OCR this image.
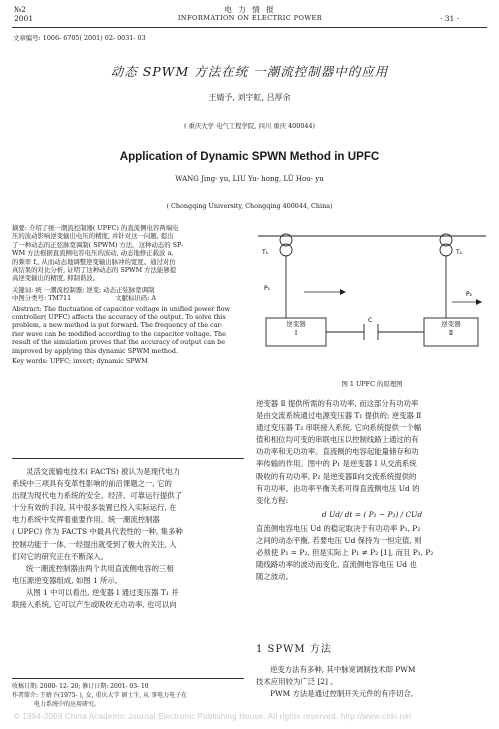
№2
2001
电 力 情 报
INFORMATION ON ELECTRIC POWER	· 31 ·
文章编号: 1006- 6705( 2001) 02- 0031- 03
动态 SPWM 方法在统 一潮流控制器中的应用
王婧予, 刘宇虹, 吕厚余
( 重庆大学 电气工程学院, 四川 重庆 400044)
Application of Dynamic SPWN Method in UPFC
WANG Jing- yu, LIU Yu- hong, LÜ Hou- yu
( Chongqing University, Chongqing 400044, China)
摘要: 介绍了统一潮流控制器( UPFC) 的直流侧电容两端电
压的波动影响逆变输出电压的精度, 并针对这一问题, 提出
了一种动态的正弦脉宽调制( SPWM) 方法。这种动态的 SP-
WM 方法根据直流侧电容电压的波动, 动态地修正载波 a,
的频率 f,, 从而动态地调整逆变输出脉冲的宽度。通过对仿
真结果的对比分析, 证明了这种动态的 SPWM 方法能够提
高逆变输出的精度, 抑制谐波。
关键词: 统 一潮流控制器; 逆变; 动态正弦脉宽调制
中图分类号: TM711	文献标识码: A
Abstract: The fluctuation of capacitor voltage in unified power flow
controller( UPFC) affects the accuracy of the output. To solve this
problem, a new method is put forward. The frequency of the car-
rier wave can be modified according to the capacitor voltage. The
result of the simulation proves that the accuracy of output can be
improved by applying this dynamic SPWM method.
Key words: UPFC; invert; dynamic SPWM
灵活交流输电技术( FACTS) 被认为是现代电力
系统中三项具有变革性影响的前沿课题之一, 它的
出现为现代电力系统的安全、经济、可靠运行提供了
十分有效的手段, 其中很多装置已投入实际运行, 在
电力系统中发挥着重要作用。统一潮流控制器
( UPFC) 作为 FACTS 中最具代表性的一种, 集多种
控制功能于一体, 一经提出就受到了极大的关注, 人
们对它的研究正在不断深入。
统一潮流控制器由两个共用直流侧电容的三相
电压源逆变器组成, 如图 1 所示。
从图 1 中可以看出, 逆变器 Ⅰ 通过变压器 T₁ 并
联接入系统, 它可以产生或吸收无功功率, 也可以向
收稿日期: 2000- 12- 20; 修订日期: 2001- 03- 10
作者简介: 王婧予(1975- ), 女, 重庆大学 硕士生, 从 事电力电子在
电力系统中的应用研究。
T₁	T₂
P₁
P₂
C
逆变器
Ⅰ
逆变器
Ⅱ
图 1 UPFC 的原理图
逆变器 Ⅱ 提供所需的有功功率, 而这部分有功功率
是由交流系统通过电源变压器 T₁ 提供的; 逆变器 Ⅱ
通过变压器 T₂ 串联接入系统, 它向系统提供一个幅
值和相位均可变的串联电压以控制线路上通过的有
功功率和无功功率。直流侧的电容起能量储存和功
率传输的作用。图中的 P₁ 是逆变器 Ⅰ 从交流系统
吸收的有功功率, P₂ 是逆变器Ⅱ向交流系统提供的
有功功率。由功率平衡关系可得直流侧电压 Ud 的
变化方程:
d Ud/ dt = ( P₁ − P₂) / CUd
直流侧电容电压 Ud 的稳定取决于有功功率 P₁, P₂
之间的动态平衡, 若要电压 Ud 保持为一恒定值, 则
必须使 P₁ = P₂, 但是实际上 P₁ ≠ P₂ [1], 而且 P₁, P₂
随线路功率的波动而变化, 直流侧电容电压 Ud 也
随之波动。
1 SPWM 方法
逆变方法有多种, 其中脉宽调制技术即 PWM
技术应用较为广泛 [2] 。
PWM 方法是通过控制开关元件的有序切合,
© 1994-2009 China Academic Journal Electronic Publishing House. All rights reserved. http://www.cnki.net
